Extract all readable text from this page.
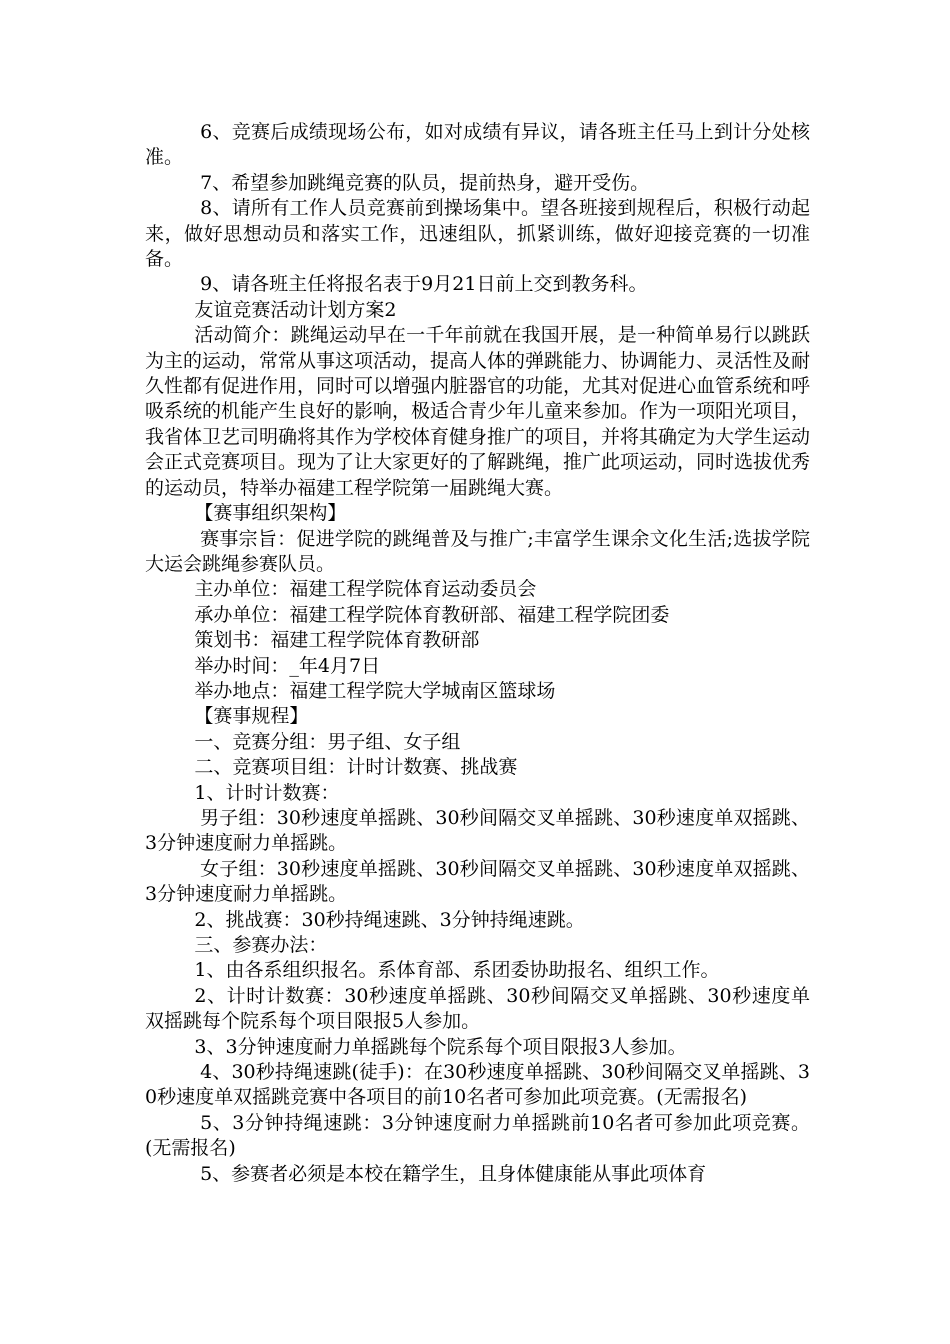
6、竞赛后成绩现场公布，如对成绩有异议，请各班主任马上到计分处核准。

7、希望参加跳绳竞赛的队员，提前热身，避开受伤。

8、请所有工作人员竞赛前到操场集中。望各班接到规程后，积极行动起来，做好思想动员和落实工作，迅速组队，抓紧训练，做好迎接竞赛的一切准备。

9、请各班主任将报名表于9月21日前上交到教务科。

友谊竞赛活动计划方案2

活动简介：跳绳运动早在一千年前就在我国开展，是一种简单易行以跳跃为主的运动，常常从事这项活动，提高人体的弹跳能力、协调能力、灵活性及耐久性都有促进作用，同时可以增强内脏器官的功能，尤其对促进心血管系统和呼吸系统的机能产生良好的影响，极适合青少年儿童来参加。作为一项阳光项目，我省体卫艺司明确将其作为学校体育健身推广的项目，并将其确定为大学生运动会正式竞赛项目。现为了让大家更好的了解跳绳，推广此项运动，同时选拔优秀的运动员，特举办福建工程学院第一届跳绳大赛。

【赛事组织架构】

赛事宗旨：促进学院的跳绳普及与推广;丰富学生课余文化生活;选拔学院大运会跳绳参赛队员。

主办单位：福建工程学院体育运动委员会

承办单位：福建工程学院体育教研部、福建工程学院团委

策划书：福建工程学院体育教研部

举办时间：_年4月7日

举办地点：福建工程学院大学城南区篮球场

【赛事规程】

一、竞赛分组：男子组、女子组

二、竞赛项目组：计时计数赛、挑战赛

1、计时计数赛：

男子组：30秒速度单摇跳、30秒间隔交叉单摇跳、30秒速度单双摇跳、3分钟速度耐力单摇跳。

女子组：30秒速度单摇跳、30秒间隔交叉单摇跳、30秒速度单双摇跳、3分钟速度耐力单摇跳。

2、挑战赛：30秒持绳速跳、3分钟持绳速跳。

三、参赛办法：

1、由各系组织报名。系体育部、系团委协助报名、组织工作。

2、计时计数赛：30秒速度单摇跳、30秒间隔交叉单摇跳、30秒速度单双摇跳每个院系每个项目限报5人参加。

3、3分钟速度耐力单摇跳每个院系每个项目限报3人参加。

4、30秒持绳速跳(徒手)：在30秒速度单摇跳、30秒间隔交叉单摇跳、30秒速度单双摇跳竞赛中各项目的前10名者可参加此项竞赛。(无需报名)

5、3分钟持绳速跳：3分钟速度耐力单摇跳前10名者可参加此项竞赛。(无需报名)

5、参赛者必须是本校在籍学生，且身体健康能从事此项体育
